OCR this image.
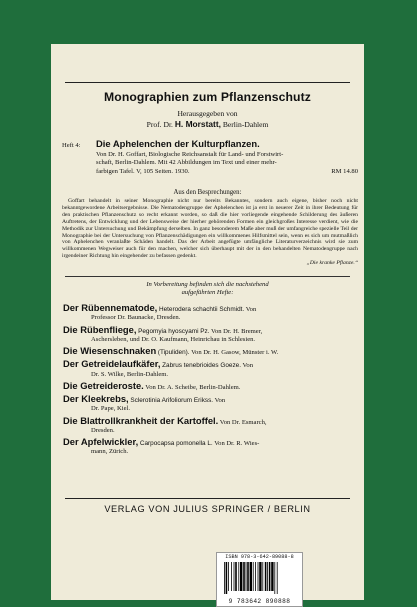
Monographien zum Pflanzenschutz
Herausgegeben von
Prof. Dr. H. Morstatt, Berlin-Dahlem
Heft 4: Die Aphelenchen der Kulturpflanzen.
Von Dr. H. Goffart, Biologische Reichsanstalt für Land- und Forstwirt-
schaft, Berlin-Dahlem. Mit 42 Abbildungen im Text und einer mehr-
farbigen Tafel. V, 105 Seiten. 1930.	RM 14.80
Aus den Besprechungen:
Goffart behandelt in seiner Monographie nicht nur bereits Bekanntes, sondern auch eigene, bisher noch nicht bekanntgewordene Arbeitsergebnisse. Die Nematodengruppe der Aphelenchen ist ja erst in neuerer Zeit in ihrer Bedeutung für den praktischen Pflanzenschutz so recht erkannt worden, so daß die hier vorliegende eingehende Schilderung des äußeren Auftretens, der Entwicklung und der Lebensweise der hierher gehörenden Formen ein gleichgroßes Interesse verdient, wie die Methodik zur Untersuchung und Bekämpfung derselben. In ganz besonderem Maße aber muß der umfangreiche spezielle Teil der Monographie bei der Untersuchung von Pflanzenschädigungen ein willkommenes Hilfsmittel sein, wenn es sich um mutmaßlich von Aphelenchen veranlaßte Schäden handelt. Das der Arbeit angefügte umfängliche Literaturverzeichnis wird sie zum willkommenen Wegweiser auch für den machen, welcher sich überhaupt mit der in den behandelten Nematodengruppe nach irgendeiner Richtung hin eingehender zu befassen gedenkt.
„Die kranke Pflanze.“
In Vorbereitung befinden sich die nachstehend
aufgeführten Hefte:
Der Rübennematode, Heterodera schachtii Schmidt. Von
Professor Dr. Baunacke, Dresden.
Die Rübenfliege, Pegomyia hyoscyami Pz. Von Dr. H. Bremer,
Aschersleben, und Dr. O. Kaufmann, Heinrichau in Schlesien.
Die Wiesenschnaken (Tipuliden). Von Dr. H. Gasow, Münster i. W.
Der Getreidelaufkäfer, Zabrus tenebrioides Goeze. Von
Dr. S. Wilke, Berlin-Dahlem.
Die Getreideroste. Von Dr. A. Scheibe, Berlin-Dahlem.
Der Kleekrebs, Sclerotinia Arifoliorum Erikss. Von
Dr. Pape, Kiel.
Die Blattrollkrankheit der Kartoffel. Von Dr. Esmarch,
Dresden.
Der Apfelwickler, Carpocapsa pomonella L. Von Dr. R. Wies-
mann, Zürich.
VERLAG VON JULIUS SPRINGER / BERLIN
ISBN 978-3-642-89088-8
9 783642 890888
